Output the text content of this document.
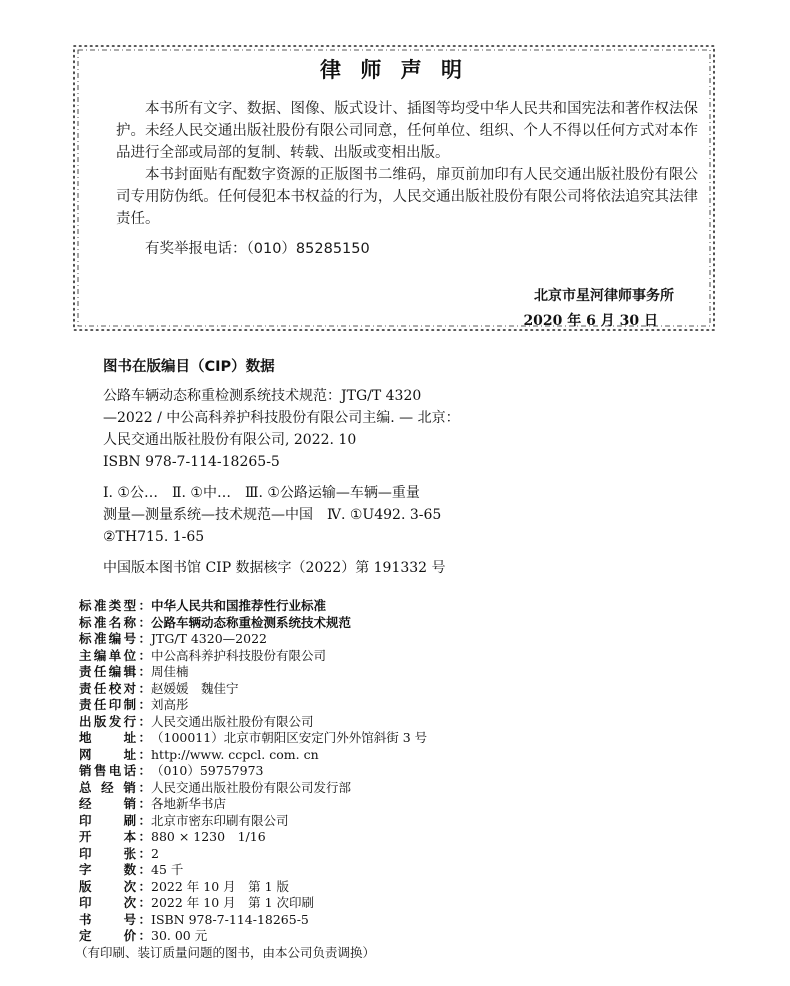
律 师 声 明

本书所有文字、数据、图像、版式设计、插图等均受中华人民共和国宪法和著作权法保护。未经人民交通出版社股份有限公司同意，任何单位、组织、个人不得以任何方式对本作品进行全部或局部的复制、转载、出版或变相出版。

本书封面贴有配数字资源的正版图书二维码，扉页前加印有人民交通出版社股份有限公司专用防伪纸。任何侵犯本书权益的行为，人民交通出版社股份有限公司将依法追究其法律责任。

有奖举报电话：（010）85285150

北京市星河律师事务所
2020 年 6 月 30 日
图书在版编目（CIP）数据
公路车辆动态称重检测系统技术规范：JTG/T 4320
—2022 / 中公高科养护科技股份有限公司主编. — 北京：
人民交通出版社股份有限公司, 2022. 10
ISBN 978-7-114-18265-5
Ⅰ. ①公…　Ⅱ. ①中…　Ⅲ. ①公路运输—车辆—重量
测量—测量系统—技术规范—中国　Ⅳ. ①U492. 3-65
②TH715. 1-65
中国版本图书馆 CIP 数据核字（2022）第 191332 号
标准类型：中华人民共和国推荐性行业标准
标准名称：公路车辆动态称重检测系统技术规范
标准编号：JTG/T 4320—2022
主编单位：中公高科养护科技股份有限公司
责任编辑：周佳楠
责任校对：赵媛媛　魏佳宁
责任印制：刘高彤
出版发行：人民交通出版社股份有限公司
地　　址：（100011）北京市朝阳区安定门外外馆斜街 3 号
网　　址：http://www. ccpcl. com. cn
销售电话：（010）59757973
总 经 销：人民交通出版社股份有限公司发行部
经　　销：各地新华书店
印　　刷：北京市密东印刷有限公司
开　　本：880 × 1230　1/16
印　　张：2
字　　数：45 千
版　　次：2022 年 10 月　第 1 版
印　　次：2022 年 10 月　第 1 次印刷
书　　号：ISBN 978-7-114-18265-5
定　　价：30. 00 元
（有印刷、装订质量问题的图书，由本公司负责调换）
